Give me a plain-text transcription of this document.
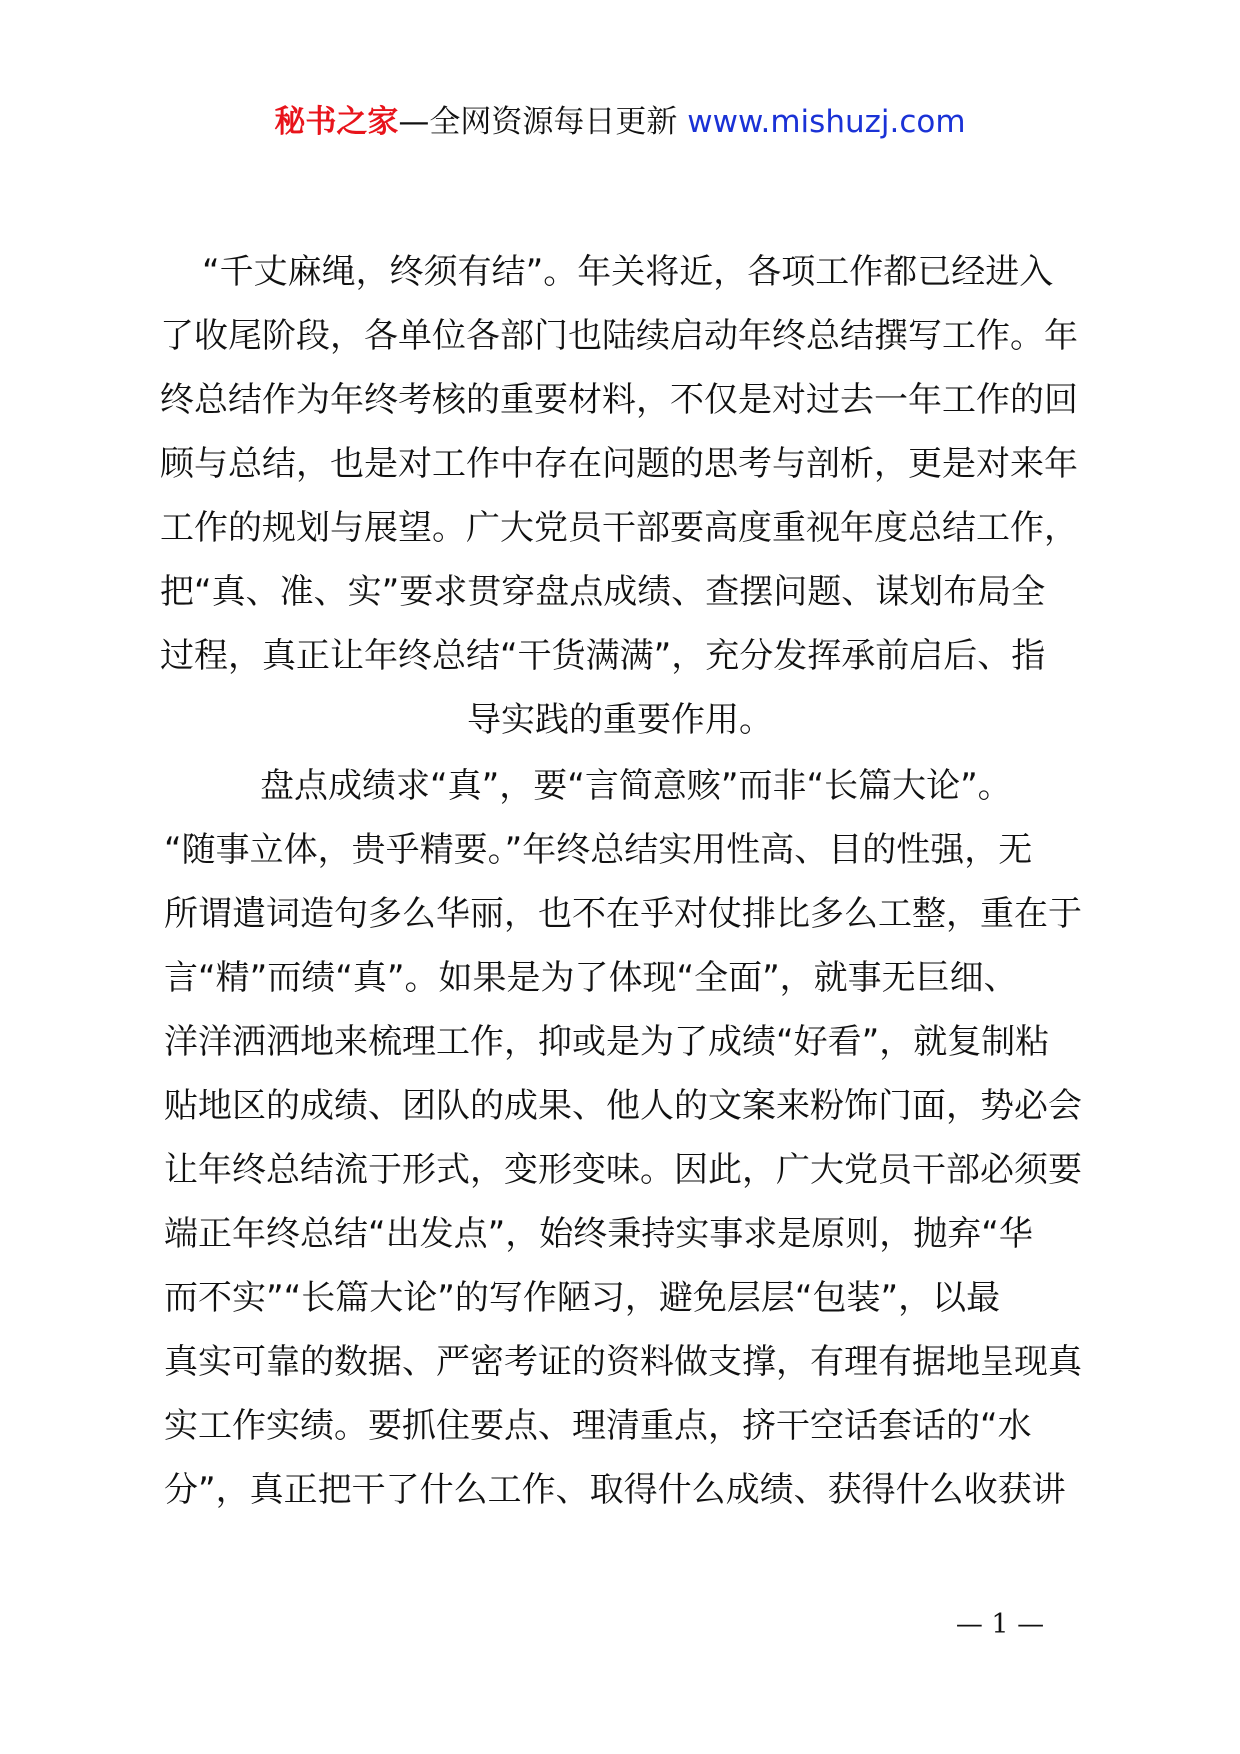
秘书之家—全网资源每日更新 www.mishuzj.com
“千丈麻绳，终须有结”。年关将近，各项工作都已经进入
了收尾阶段，各单位各部门也陆续启动年终总结撰写工作。年
终总结作为年终考核的重要材料，不仅是对过去一年工作的回
顾与总结，也是对工作中存在问题的思考与剖析，更是对来年
工作的规划与展望。广大党员干部要高度重视年度总结工作，
把“真、准、实”要求贯穿盘点成绩、查摆问题、谋划布局全
过程，真正让年终总结“干货满满”，充分发挥承前启后、指
导实践的重要作用。
盘点成绩求“真”，要“言简意赅”而非“长篇大论”。
“随事立体，贵乎精要。”年终总结实用性高、目的性强，无
所谓遣词造句多么华丽，也不在乎对仗排比多么工整，重在于
言“精”而绩“真”。如果是为了体现“全面”，就事无巨细、
洋洋洒洒地来梳理工作，抑或是为了成绩“好看”，就复制粘
贴地区的成绩、团队的成果、他人的文案来粉饰门面，势必会
让年终总结流于形式，变形变味。因此，广大党员干部必须要
端正年终总结“出发点”，始终秉持实事求是原则，抛弃“华
而不实”“长篇大论”的写作陋习，避免层层“包装”，以最
真实可靠的数据、严密考证的资料做支撑，有理有据地呈现真
实工作实绩。要抓住要点、理清重点，挤干空话套话的“水
分”，真正把干了什么工作、取得什么成绩、获得什么收获讲
— 1 —
